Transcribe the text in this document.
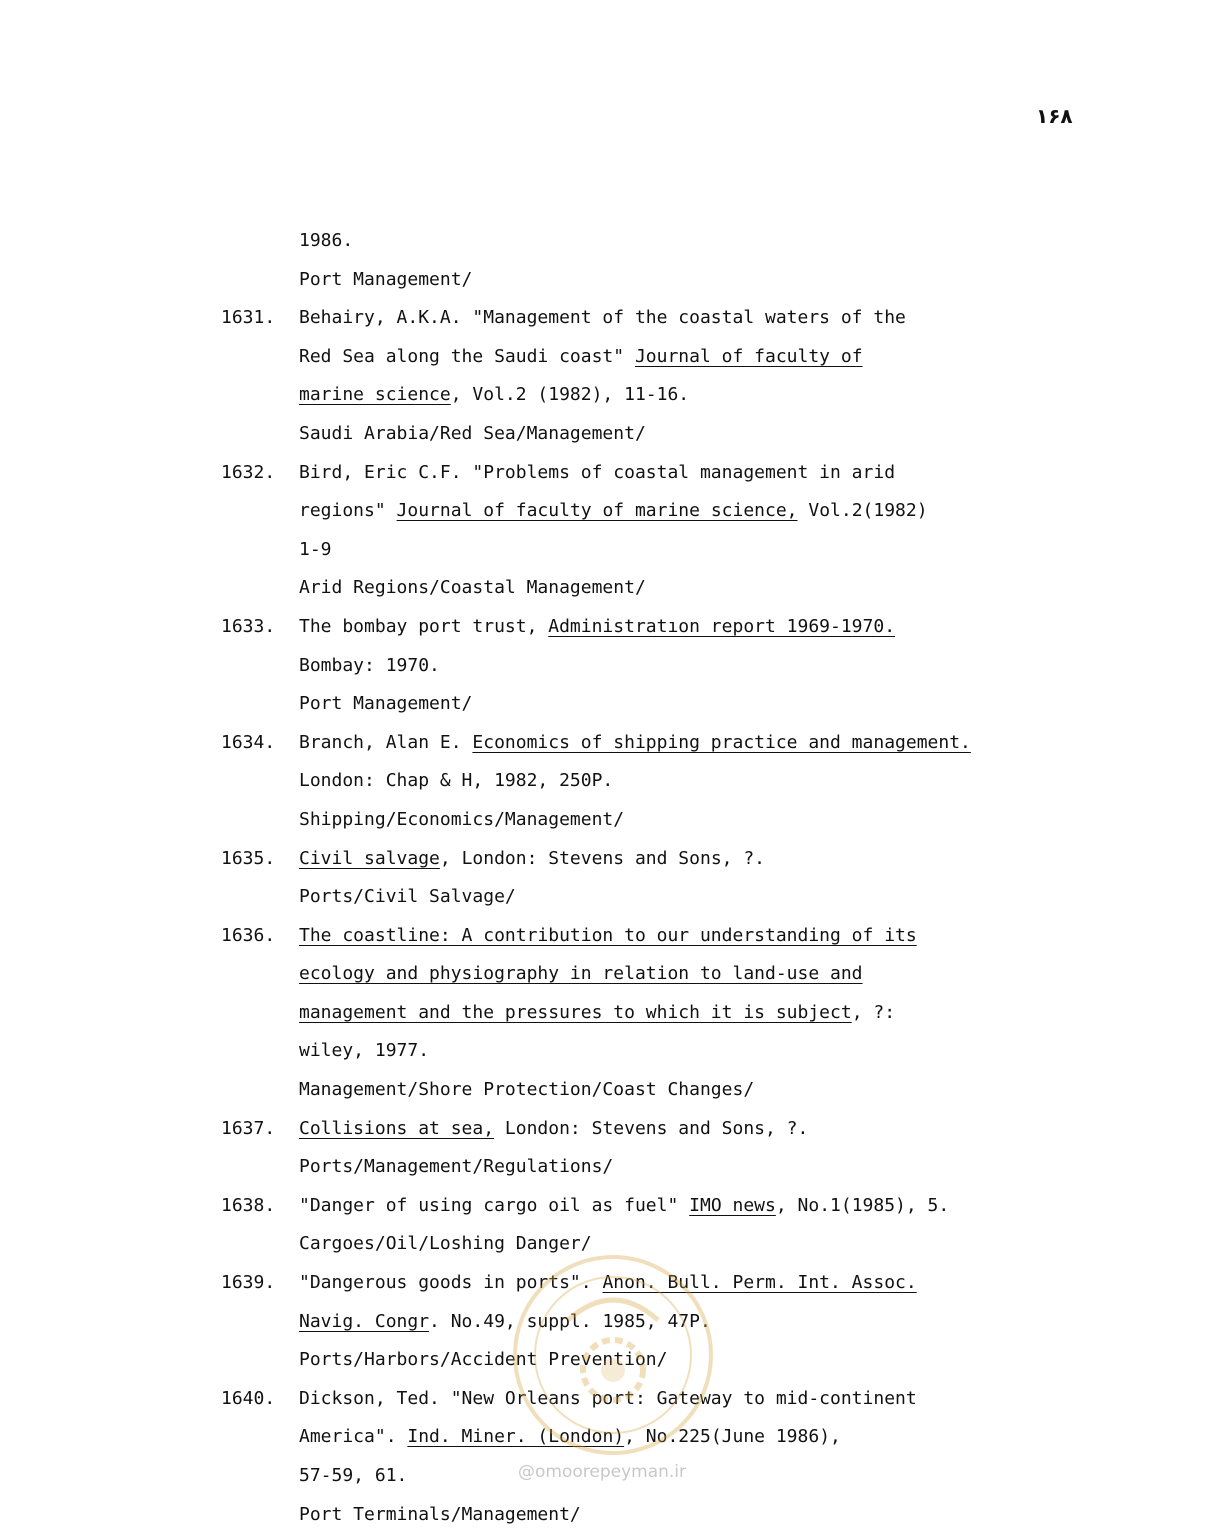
۱۶۸
1986.
Port Management/
1631. Behairy, A.K.A. "Management of the coastal waters of the
Red Sea along the Saudi coast" Journal of faculty of
marine science, Vol.2 (1982), 11-16.
Saudi Arabia/Red Sea/Management/
1632. Bird, Eric C.F. "Problems of coastal management in arid
regions" Journal of faculty of marine science, Vol.2(1982)
1-9
Arid Regions/Coastal Management/
1633. The bombay port trust, Administratıon report 1969-1970.
Bombay: 1970.
Port Management/
1634. Branch, Alan E. Economics of shipping practice and management.
London: Chap & H, 1982, 250P.
Shipping/Economics/Management/
1635. Civil salvage, London: Stevens and Sons, ?.
Ports/Civil Salvage/
1636. The coastline: A contribution to our understanding of its
ecology and physiography in relation to land-use and
management and the pressures to which it is subject, ?:
wiley, 1977.
Management/Shore Protection/Coast Changes/
1637. Collisions at sea, London: Stevens and Sons, ?.
Ports/Management/Regulations/
1638. "Danger of using cargo oil as fuel" IMO news, No.1(1985), 5.
Cargoes/Oil/Loshing Danger/
1639. "Dangerous goods in ports". Anon. Bull. Perm. Int. Assoc.
Navig. Congr. No.49, suppl. 1985, 47P.
Ports/Harbors/Accident Prevention/
1640. Dickson, Ted. "New Orleans port: Gateway to mid-continent
America". Ind. Miner. (London), No.225(June 1986),
57-59, 61.
Port Terminals/Management/
@omoorepeyman.ir
